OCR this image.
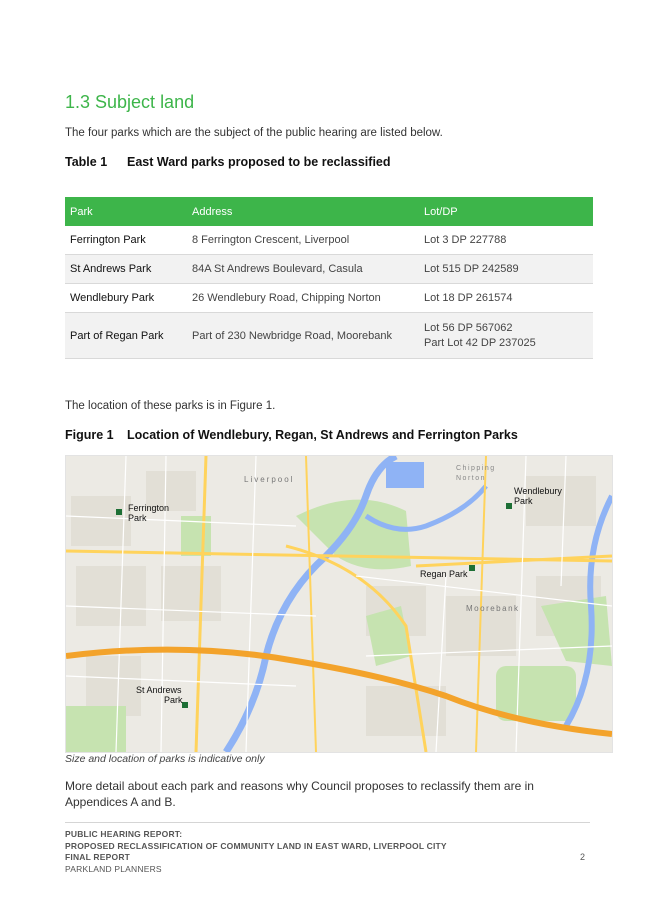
1.3 Subject land

The four parks which are the subject of the public hearing are listed below.

Table 1 East Ward parks proposed to be reclassified

Park	Address	Lot/DP
Ferrington Park	8 Ferrington Crescent, Liverpool	Lot 3 DP 227788
St Andrews Park	84A St Andrews Boulevard, Casula	Lot 515 DP 242589
Wendlebury Park	26 Wendlebury Road, Chipping Norton	Lot 18 DP 261574
Part of Regan Park	Part of 230 Newbridge Road, Moorebank	Lot 56 DP 567062
Part Lot 42 DP 237025

The location of these parks is in Figure 1.

Figure 1 Location of Wendlebury, Regan, St Andrews and Ferrington Parks

Liverpool
Moorebank
Chipping
Norton
Ferrington
Park
Wendlebury
Park
Regan Park
St Andrews
Park

Size and location of parks is indicative only

More detail about each park and reasons why Council proposes to reclassify them are in Appendices A and B.

PUBLIC HEARING REPORT:
PROPOSED RECLASSIFICATION OF COMMUNITY LAND IN EAST WARD, LIVERPOOL CITY
FINAL REPORT
PARKLAND PLANNERS
2
